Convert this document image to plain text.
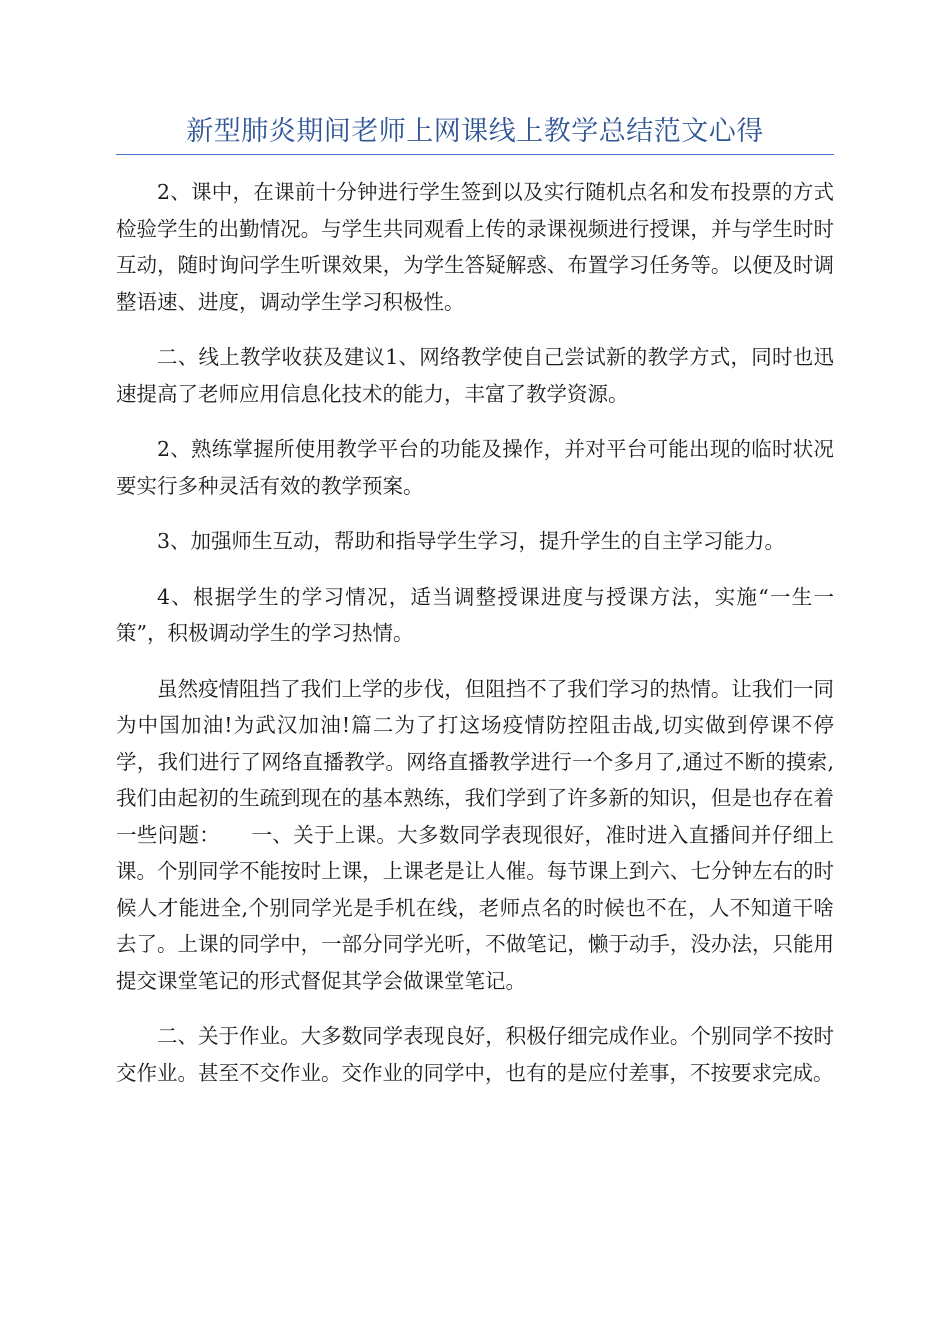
新型肺炎期间老师上网课线上教学总结范文心得

2、课中，在课前十分钟进行学生签到以及实行随机点名和发布投票的方式检验学生的出勤情况。与学生共同观看上传的录课视频进行授课，并与学生时时互动，随时询问学生听课效果，为学生答疑解惑、布置学习任务等。以便及时调整语速、进度，调动学生学习积极性。

二、线上教学收获及建议1、网络教学使自己尝试新的教学方式，同时也迅速提高了老师应用信息化技术的能力，丰富了教学资源。

2、熟练掌握所使用教学平台的功能及操作，并对平台可能出现的临时状况要实行多种灵活有效的教学预案。

3、加强师生互动，帮助和指导学生学习，提升学生的自主学习能力。

4、根据学生的学习情况，适当调整授课进度与授课方法，实施“一生一策”，积极调动学生的学习热情。

虽然疫情阻挡了我们上学的步伐，但阻挡不了我们学习的热情。让我们一同为中国加油!为武汉加油!篇二为了打这场疫情防控阻击战,切实做到停课不停学，我们进行了网络直播教学。网络直播教学进行一个多月了,通过不断的摸索,我们由起初的生疏到现在的基本熟练，我们学到了许多新的知识，但是也存在着一些问题：　　一、关于上课。大多数同学表现很好，准时进入直播间并仔细上课。个别同学不能按时上课，上课老是让人催。每节课上到六、七分钟左右的时候人才能进全,个别同学光是手机在线，老师点名的时候也不在，人不知道干啥去了。上课的同学中，一部分同学光听，不做笔记，懒于动手，没办法，只能用提交课堂笔记的形式督促其学会做课堂笔记。

二、关于作业。大多数同学表现良好，积极仔细完成作业。个别同学不按时交作业。甚至不交作业。交作业的同学中，也有的是应付差事，不按要求完成。
